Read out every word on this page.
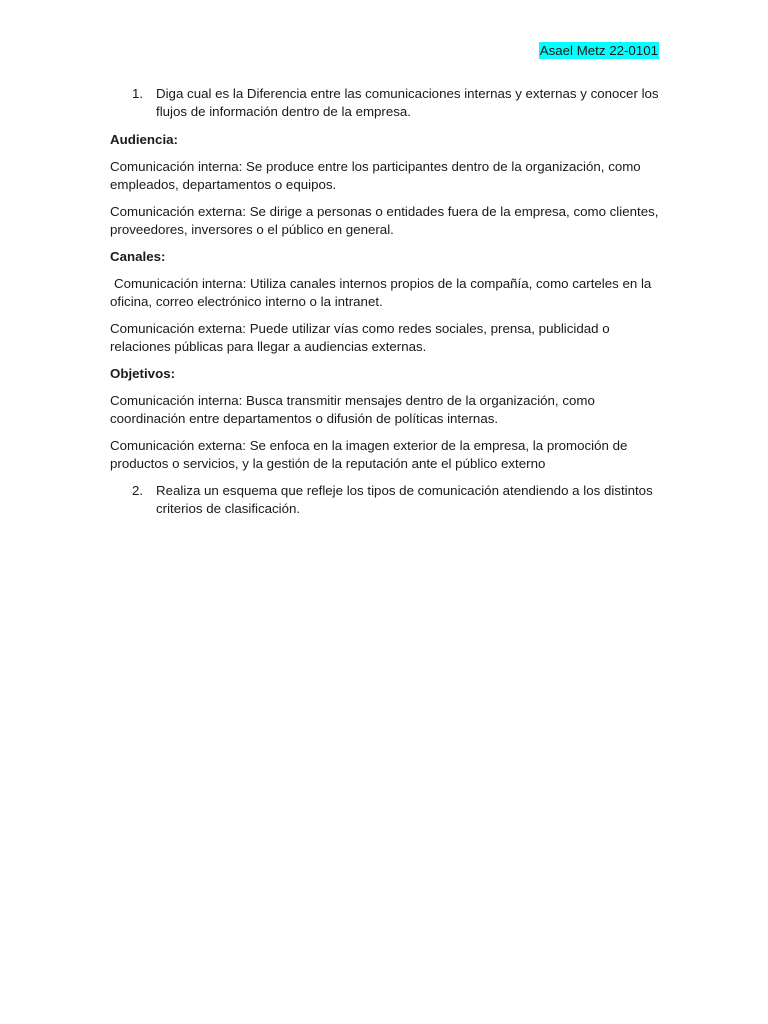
Asael Metz 22-0101
1. Diga cual es la Diferencia entre las comunicaciones internas y externas y conocer los flujos de información dentro de la empresa.
Audiencia:
Comunicación interna: Se produce entre los participantes dentro de la organización, como empleados, departamentos o equipos.
Comunicación externa: Se dirige a personas o entidades fuera de la empresa, como clientes, proveedores, inversores o el público en general.
Canales:
Comunicación interna: Utiliza canales internos propios de la compañía, como carteles en la oficina, correo electrónico interno o la intranet.
Comunicación externa: Puede utilizar vías como redes sociales, prensa, publicidad o relaciones públicas para llegar a audiencias externas.
Objetivos:
Comunicación interna: Busca transmitir mensajes dentro de la organización, como coordinación entre departamentos o difusión de políticas internas.
Comunicación externa: Se enfoca en la imagen exterior de la empresa, la promoción de productos o servicios, y la gestión de la reputación ante el público externo
2. Realiza un esquema que refleje los tipos de comunicación atendiendo a los distintos criterios de clasificación.
